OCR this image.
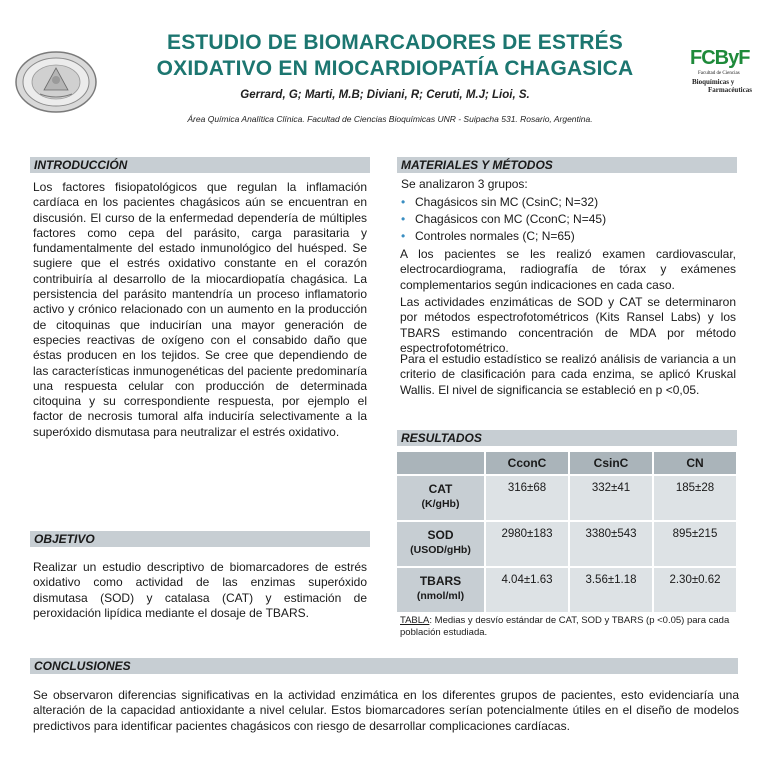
FCByF
Facultad de Ciencias
Bioquímicas y
Farmacéuticas
ESTUDIO DE BIOMARCADORES DE ESTRÉS
OXIDATIVO EN MIOCARDIOPATÍA CHAGASICA
Gerrard, G; Marti, M.B; Diviani, R; Ceruti, M.J; Lioi, S.
Área Química Analítica Clínica. Facultad de Ciencias Bioquímicas UNR - Suipacha 531. Rosario, Argentina.
INTRODUCCIÓN

Los factores fisiopatológicos que regulan la inflamación cardíaca en los pacientes chagásicos aún se encuentran en discusión. El curso de la enfermedad dependería de múltiples factores como cepa del parásito, carga parasitaria y fundamentalmente del estado inmunológico del huésped. Se sugiere que el estrés oxidativo constante en el corazón contribuiría al desarrollo de la miocardiopatía chagásica. La persistencia del parásito mantendría un proceso inflamatorio activo y crónico relacionado con un aumento en la producción de citoquinas que inducirían una mayor generación de especies reactivas de oxígeno con el consabido daño que éstas producen en los tejidos. Se cree que dependiendo de las características inmunogenéticas del paciente predominaría una respuesta celular con producción de determinada citoquina y su correspondiente respuesta, por ejemplo el factor de necrosis tumoral alfa induciría selectivamente a la superóxido dismutasa para neutralizar el estrés oxidativo.

OBJETIVO

Realizar un estudio descriptivo de biomarcadores de estrés oxidativo como actividad de las enzimas superóxido dismutasa (SOD) y catalasa (CAT) y estimación de peroxidación lipídica mediante el dosaje de TBARS.

MATERIALES Y MÉTODOS

Se analizaron 3 grupos:

• Chagásicos sin MC (CsinC; N=32)
• Chagásicos con MC (CconC; N=45)
• Controles normales (C; N=65)

A los pacientes se les realizó examen cardiovascular, electrocardiograma, radiografía de tórax y exámenes complementarios según indicaciones en cada caso.

Las actividades enzimáticas de SOD y CAT se determinaron por métodos espectrofotométricos (Kits Ransel Labs) y los TBARS estimando concentración de MDA por método espectrofotométrico.

Para el estudio estadístico se realizó análisis de variancia a un criterio de clasificación para cada enzima, se aplicó Kruskal Wallis. El nivel de significancia se estableció en p <0,05.

RESULTADOS
	CconC	CsinC	CN

CAT
(K/gHb)	316±68	332±41	185±28

SOD
(USOD/gHb)	2980±183	3380±543	895±215

TBARS
(nmol/ml)	4.04±1.63	3.56±1.18	2.30±0.62
TABLA: Medias y desvío estándar de CAT, SOD y TBARS (p <0.05) para cada población estudiada.
CONCLUSIONES

Se observaron diferencias significativas en la actividad enzimática en los diferentes grupos de pacientes, esto evidenciaría una alteración de la capacidad antioxidante a nivel celular. Estos biomarcadores serían potencialmente útiles en el diseño de modelos predictivos para identificar pacientes chagásicos con riesgo de desarrollar complicaciones cardíacas.
